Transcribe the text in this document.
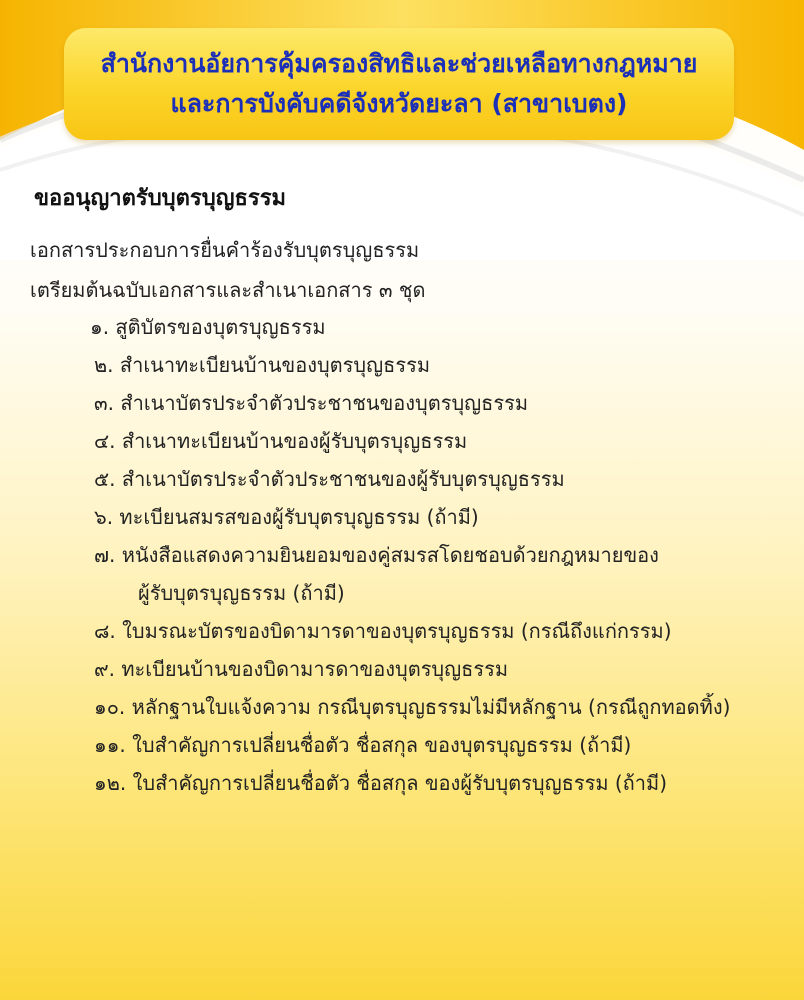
สำนักงานอัยการคุ้มครองสิทธิและช่วยเหลือทางกฎหมาย
และการบังคับคดีจังหวัดยะลา (สาขาเบตง)
ขออนุญาตรับบุตรบุญธรรม
เอกสารประกอบการยื่นคำร้องรับบุตรบุญธรรม
เตรียมต้นฉบับเอกสารและสำเนาเอกสาร ๓ ชุด
๑.
สูติบัตรของบุตรบุญธรรม
๒.
สำเนาทะเบียนบ้านของบุตรบุญธรรม
๓.
สำเนาบัตรประจำตัวประชาชนของบุตรบุญธรรม
๔.
สำเนาทะเบียนบ้านของผู้รับบุตรบุญธรรม
๕.
สำเนาบัตรประจำตัวประชาชนของผู้รับบุตรบุญธรรม
๖.
ทะเบียนสมรสของผู้รับบุตรบุญธรรม (ถ้ามี)
๗.
หนังสือแสดงความยินยอมของคู่สมรสโดยชอบด้วยกฎหมายของ
ผู้รับบุตรบุญธรรม (ถ้ามี)
๘.
ใบมรณะบัตรของบิดามารดาของบุตรบุญธรรม (กรณีถึงแก่กรรม)
๙.
ทะเบียนบ้านของบิดามารดาของบุตรบุญธรรม
๑๐.
หลักฐานใบแจ้งความ กรณีบุตรบุญธรรมไม่มีหลักฐาน (กรณีถูกทอดทิ้ง)
๑๑.
ใบสำคัญการเปลี่ยนชื่อตัว ชื่อสกุล ของบุตรบุญธรรม (ถ้ามี)
๑๒.
ใบสำคัญการเปลี่ยนชื่อตัว ชื่อสกุล ของผู้รับบุตรบุญธรรม (ถ้ามี)
